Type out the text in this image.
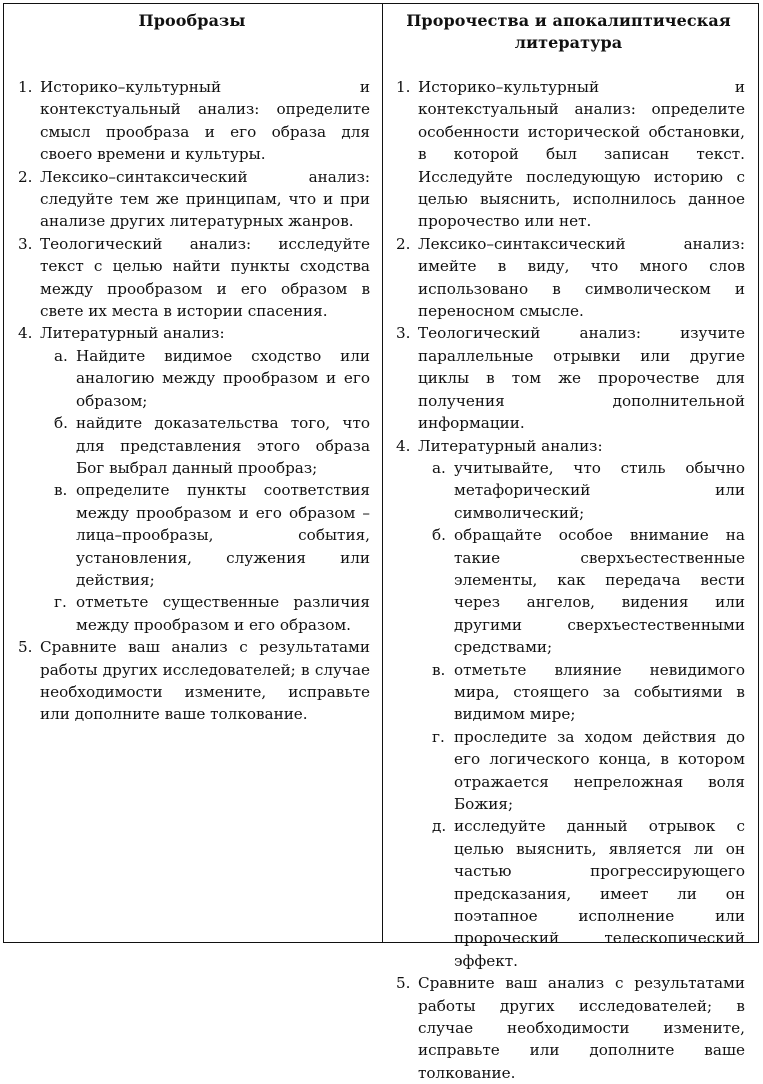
Прообразы
1. Историко–культурный и контекстуальный анализ: определите смысл прообраза и его образа для своего времени и культуры.
2. Лексико–синтаксический анализ: следуйте тем же принципам, что и при анализе других литературных жанров.
3. Теологический анализ: исследуйте текст с целью найти пункты сходства между прообразом и его образом в свете их места в истории спасения.
4. Литературный анализ:
а. Найдите видимое сходство или аналогию между прообразом и его образом;
б. найдите доказательства того, что для представления этого образа Бог выбрал данный прообраз;
в. определите пункты соответствия между прообразом и его образом – лица–прообразы, события, установления, служения или действия;
г. отметьте существенные различия между прообразом и его образом.
5. Сравните ваш анализ с результатами работы других исследователей; в случае необходимости измените, исправьте или дополните ваше толкование.
Пророчества и апокалиптическая литература
1. Историко–культурный и контекстуальный анализ: определите особенности исторической обстановки, в которой был записан текст. Исследуйте последующую историю с целью выяснить, исполнилось данное пророчество или нет.
2. Лексико–синтаксический анализ: имейте в виду, что много слов использовано в символическом и переносном смысле.
3. Теологический анализ: изучите параллельные отрывки или другие циклы в том же пророчестве для получения дополнительной информации.
4. Литературный анализ:
а. учитывайте, что стиль обычно метафорический или символический;
б. обращайте особое внимание на такие сверхъестественные элементы, как передача вести через ангелов, видения или другими сверхъестественными средствами;
в. отметьте влияние невидимого мира, стоящего за событиями в видимом мире;
г. проследите за ходом действия до его логического конца, в котором отражается непреложная воля Божия;
д. исследуйте данный отрывок с целью выяснить, является ли он частью прогрессирующего предсказания, имеет ли он поэтапное исполнение или пророческий телескопический эффект.
5. Сравните ваш анализ с результатами работы других исследователей; в случае необходимости измените, исправьте или дополните ваше толкование.
